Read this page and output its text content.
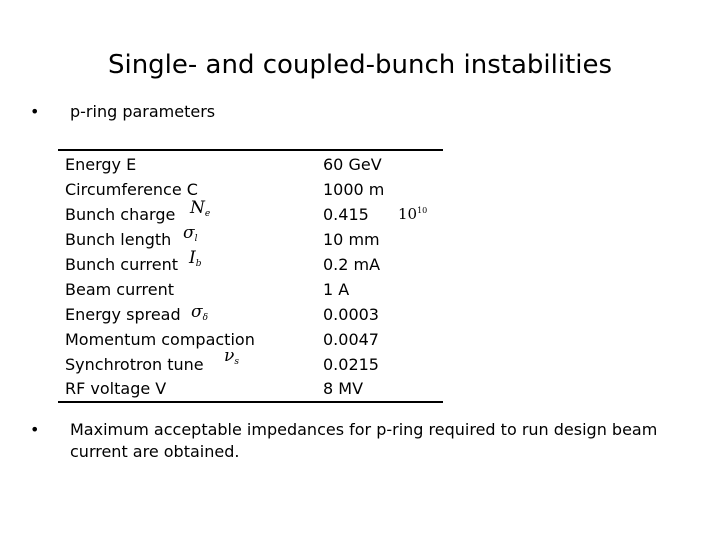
Single- and coupled-bunch instabilities
• p-ring parameters
Energy E	60 GeV
Circumference C	1000 m
Bunch charge $N_e$	0.415 $10^{10}$
Bunch length $\sigma_l$	10 mm
Bunch current $I_b$	0.2 mA
Beam current	1 A
Energy spread $\sigma_\delta$	0.0003
Momentum compaction	0.0047
Synchrotron tune $\nu_s$	0.0215
RF voltage V	8 MV
• Maximum acceptable impedances for p-ring required to run design beam current are obtained.
